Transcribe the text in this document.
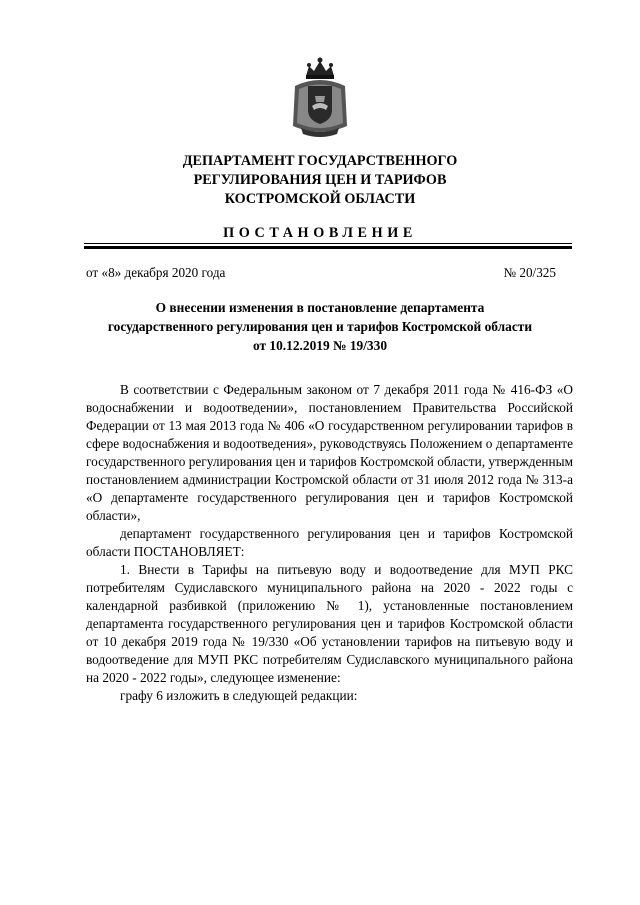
ДЕПАРТАМЕНТ ГОСУДАРСТВЕННОГО
РЕГУЛИРОВАНИЯ ЦЕН И ТАРИФОВ
КОСТРОМСКОЙ ОБЛАСТИ
ПОСТАНОВЛЕНИЕ
от «8» декабря 2020 года	№ 20/325
О внесении изменения в постановление департамента
государственного регулирования цен и тарифов Костромской области
от 10.12.2019 № 19/330

В соответствии с Федеральным законом от 7 декабря 2011 года № 416-ФЗ «О водоснабжении и водоотведении», постановлением Правительства Российской Федерации от 13 мая 2013 года № 406 «О государственном регулировании тарифов в сфере водоснабжения и водоотведения», руководствуясь Положением о департаменте государственного регулирования цен и тарифов Костромской области, утвержденным постановлением администрации Костромской области от 31 июля 2012 года № 313-а «О департаменте государственного регулирования цен и тарифов Костромской области»,

департамент государственного регулирования цен и тарифов Костромской области ПОСТАНОВЛЯЕТ:

1. Внести в Тарифы на питьевую воду и водоотведение для МУП РКС потребителям Судиславского муниципального района на 2020 - 2022 годы с календарной разбивкой (приложению № 1), установленные постановлением департамента государственного регулирования цен и тарифов Костромской области от 10 декабря 2019 года № 19/330 «Об установлении тарифов на питьевую воду и водоотведение для МУП РКС потребителям Судиславского муниципального района на 2020 - 2022 годы», следующее изменение:

графу 6 изложить в следующей редакции:
